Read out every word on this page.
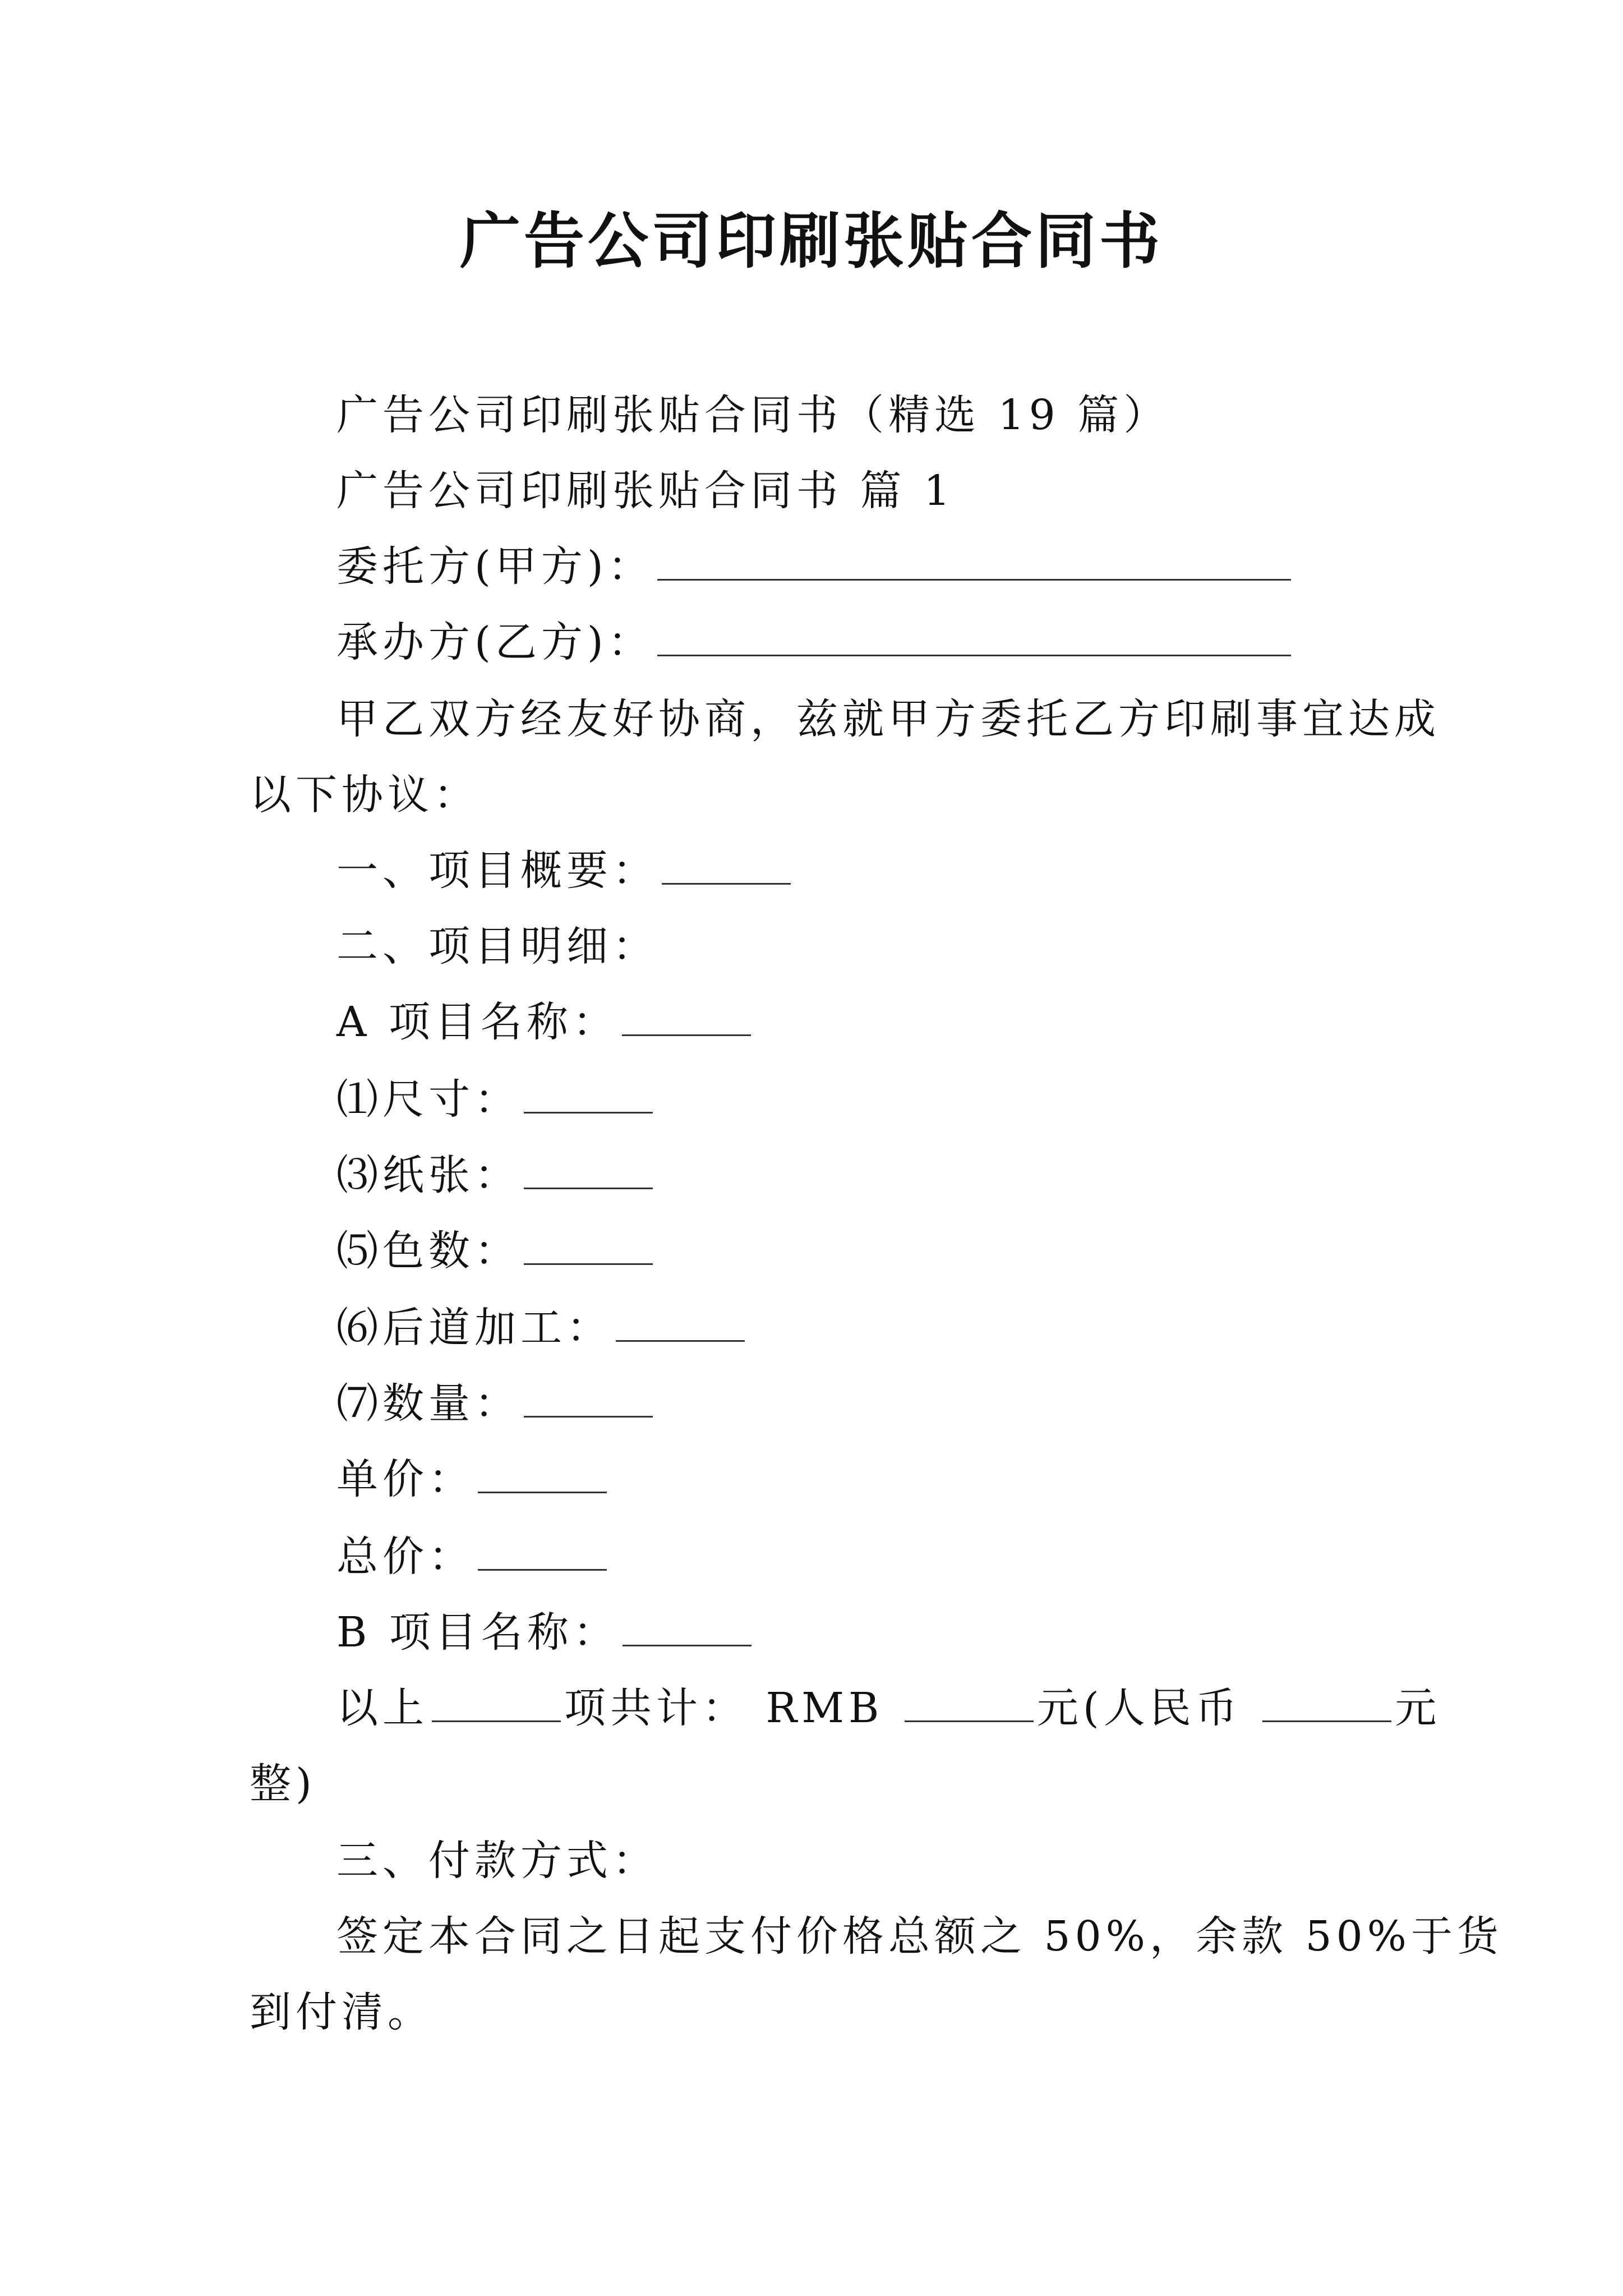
广告公司印刷张贴合同书
广告公司印刷张贴合同书（精选 19 篇）
广告公司印刷张贴合同书 篇 1
委托方(甲方)：
承办方(乙方)：
甲乙双方经友好协商，兹就甲方委托乙方印刷事宜达成
以下协议：
一、项目概要：
二、项目明细：
A 项目名称：
⑴尺寸：
⑶纸张：
⑸色数：
⑹后道加工：
⑺数量：
单价：
总价：
B 项目名称：
以上	项共计： RMB	元(人民币	元
整)
三、付款方式：
签定本合同之日起支付价格总额之 50%，余款 50%于货
到付清。
